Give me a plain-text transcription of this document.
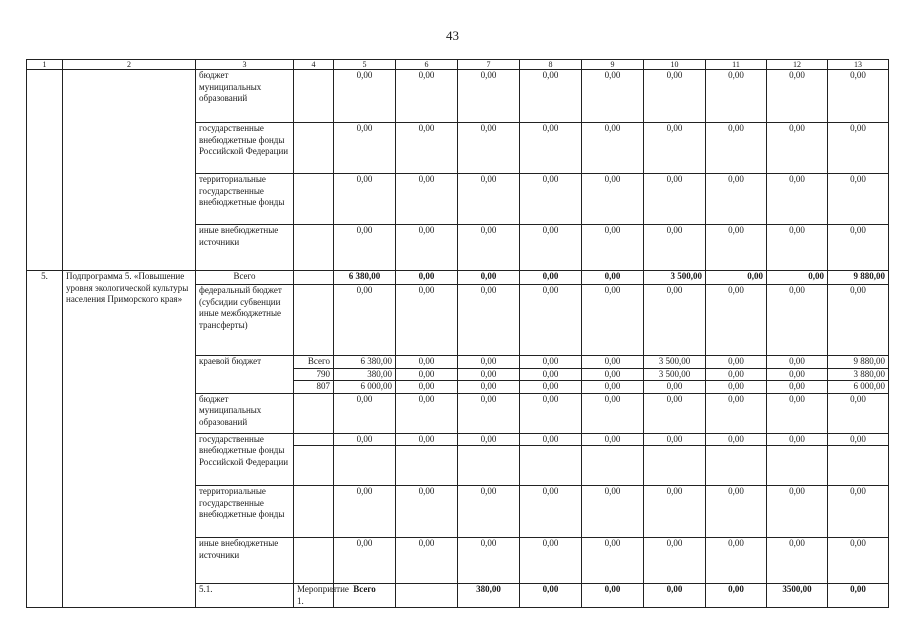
43
1	2	3	4	5	6	7	8	9	10	11	12	13	
		бюджет муниципальных образований		0,00	0,00	0,00	0,00	0,00	0,00	0,00	0,00	0,00	
		государственные внебюджетные фонды Российской Федерации		0,00	0,00	0,00	0,00	0,00	0,00	0,00	0,00	0,00	
		территориальные государственные внебюджетные фонды		0,00	0,00	0,00	0,00	0,00	0,00	0,00	0,00	0,00	
		иные внебюджетные источники		0,00	0,00	0,00	0,00	0,00	0,00	0,00	0,00	0,00	
5.	Подпрограмма 5. «Повышение уровня экологической культуры населения Приморского края»	Всего		6 380,00	0,00	0,00	0,00	0,00	3 500,00	0,00	0,00	9 880,00	
		федеральный бюджет (субсидии субвенции иные межбюджетные трансферты)		0,00	0,00	0,00	0,00	0,00	0,00	0,00	0,00	0,00	
		краевой бюджет	Всего	6 380,00	0,00	0,00	0,00	0,00	3 500,00	0,00	0,00	9 880,00	
			790	380,00	0,00	0,00	0,00	0,00	3 500,00	0,00	0,00	3 880,00	
			807	6 000,00	0,00	0,00	0,00	0,00	0,00	0,00	0,00	6 000,00	
		бюджет муниципальных образований		0,00	0,00	0,00	0,00	0,00	0,00	0,00	0,00	0,00	
		государственные внебюджетные фонды Российской Федерации		0,00	0,00	0,00	0,00	0,00	0,00	0,00	0,00	0,00	

		территориальные государственные внебюджетные фонды		0,00	0,00	0,00	0,00	0,00	0,00	0,00	0,00	0,00	
		иные внебюджетные источники		0,00	0,00	0,00	0,00	0,00	0,00	0,00	0,00	0,00	
		5.1.	Мероприятие 1.	Всего		380,00	0,00	0,00	0,00	0,00	3500,00	0,00		
